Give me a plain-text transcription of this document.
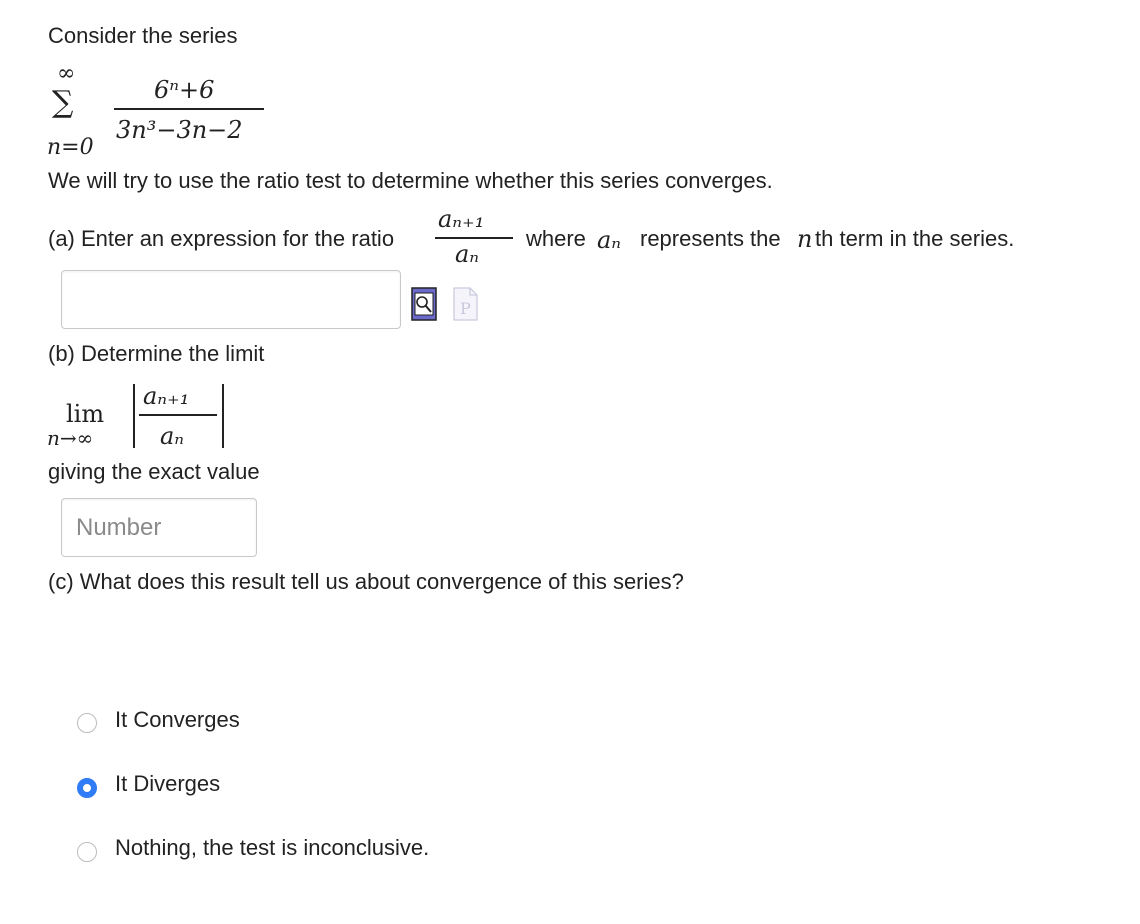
Consider the series
∞
∑
n=0
6ⁿ+6
3n³−3n−2
We will try to use the ratio test to determine whether this series converges.
(a) Enter an expression for the ratio
aₙ₊₁
aₙ
where aₙ represents the n th term in the series.
P
(b) Determine the limit
lim
n→∞
aₙ₊₁
aₙ
giving the exact value
Number
(c) What does this result tell us about convergence of this series?
It Converges
It Diverges
Nothing, the test is inconclusive.
